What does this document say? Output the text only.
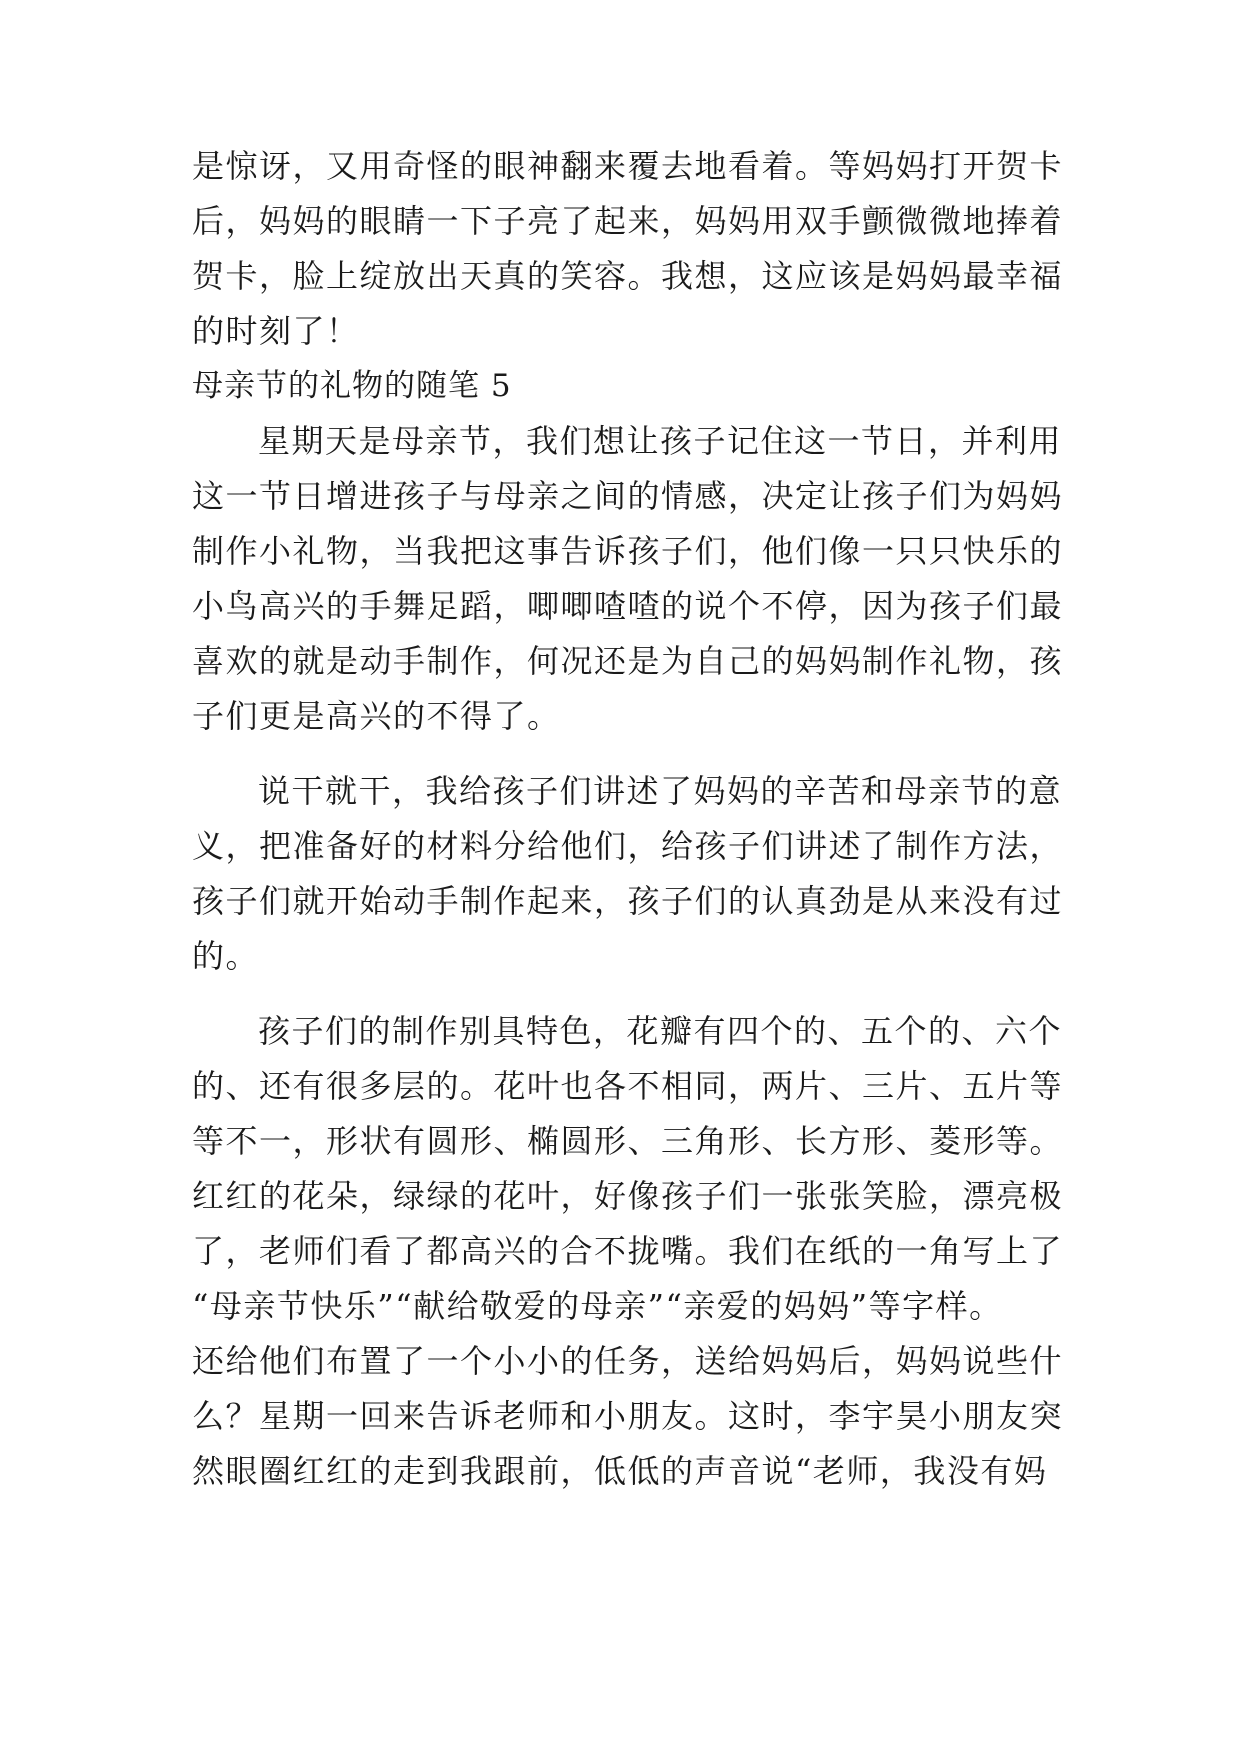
是惊讶，又用奇怪的眼神翻来覆去地看着。等妈妈打开贺卡
后，妈妈的眼睛一下子亮了起来，妈妈用双手颤微微地捧着
贺卡，脸上绽放出天真的笑容。我想，这应该是妈妈最幸福
的时刻了！
母亲节的礼物的随笔 5
星期天是母亲节，我们想让孩子记住这一节日，并利用
这一节日增进孩子与母亲之间的情感，决定让孩子们为妈妈
制作小礼物，当我把这事告诉孩子们，他们像一只只快乐的
小鸟高兴的手舞足蹈，唧唧喳喳的说个不停，因为孩子们最
喜欢的就是动手制作，何况还是为自己的妈妈制作礼物，孩
子们更是高兴的不得了。
说干就干，我给孩子们讲述了妈妈的辛苦和母亲节的意
义，把准备好的材料分给他们，给孩子们讲述了制作方法，
孩子们就开始动手制作起来，孩子们的认真劲是从来没有过
的。
孩子们的制作别具特色，花瓣有四个的、五个的、六个
的、还有很多层的。花叶也各不相同，两片、三片、五片等
等不一，形状有圆形、椭圆形、三角形、长方形、菱形等。
红红的花朵，绿绿的花叶，好像孩子们一张张笑脸，漂亮极
了，老师们看了都高兴的合不拢嘴。我们在纸的一角写上了
“母亲节快乐”“献给敬爱的母亲”“亲爱的妈妈”等字样。
还给他们布置了一个小小的任务，送给妈妈后，妈妈说些什
么？星期一回来告诉老师和小朋友。这时，李宇昊小朋友突
然眼圈红红的走到我跟前，低低的声音说“老师，我没有妈
